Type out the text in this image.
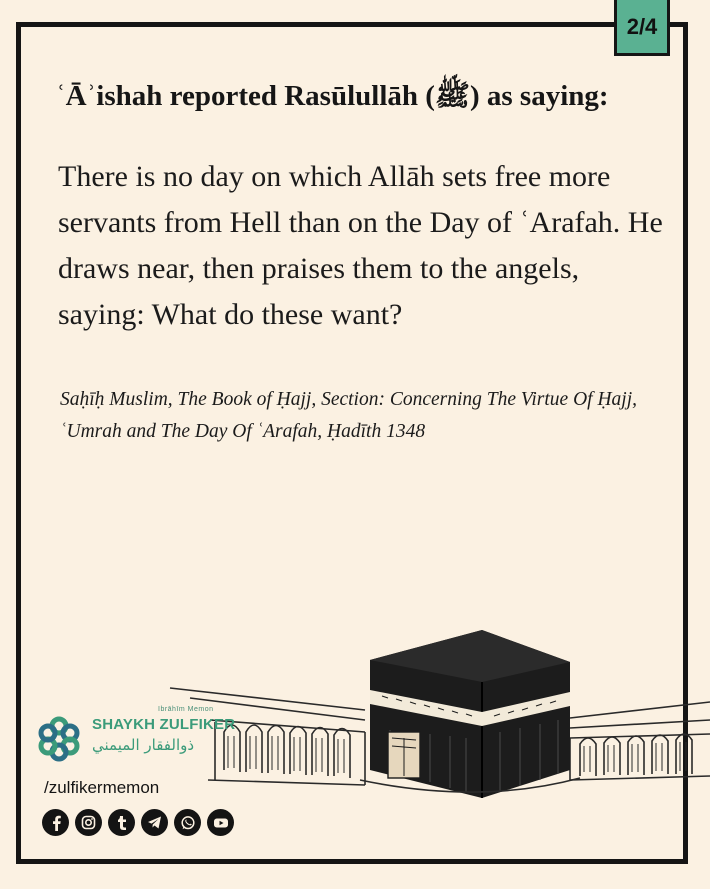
2/4
ʿĀʾishah reported Rasūlullāh (ﷺ) as saying:
There is no day on which Allāh sets free more servants from Hell than on the Day of ʿArafah. He draws near, then praises them to the angels, saying: What do these want?
Saḥīḥ Muslim, The Book of Ḥajj, Section: Concerning The Virtue Of Ḥajj, ʿUmrah and The Day Of ʿArafah, Ḥadīth 1348
Ibrāhīm Memon
SHAYKH ZULFIKER
ذوالفقار الميمني
/zulfikermemon
